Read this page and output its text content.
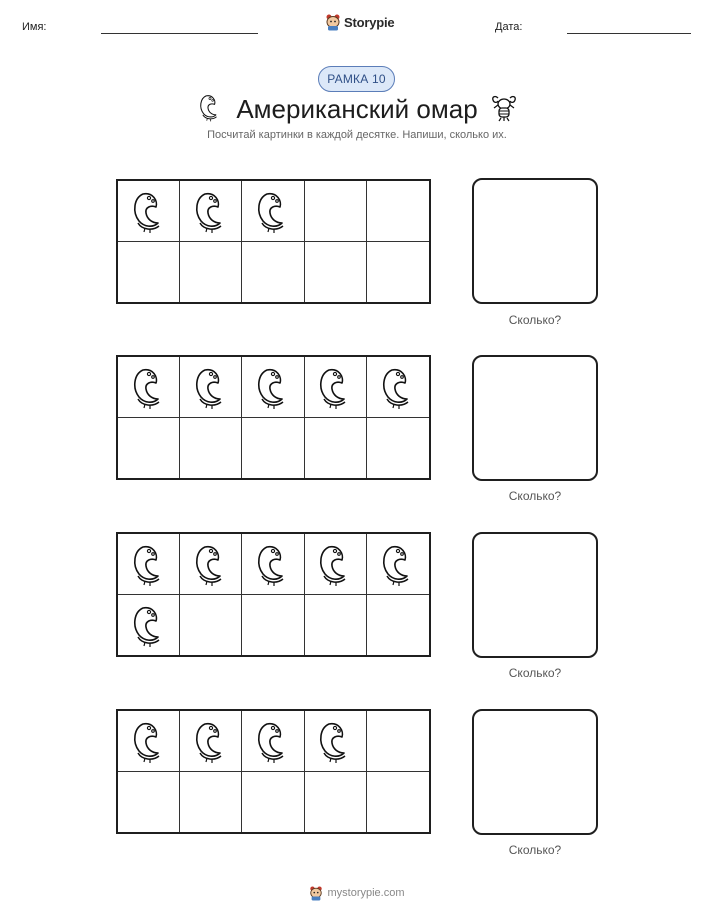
Имя:	Storypie	Дата:
РАМКА 10
Американский омар
Посчитай картинки в каждой десятке. Напиши, сколько их.
Сколько?
Сколько?
Сколько?
Сколько?
mystorypie.com
